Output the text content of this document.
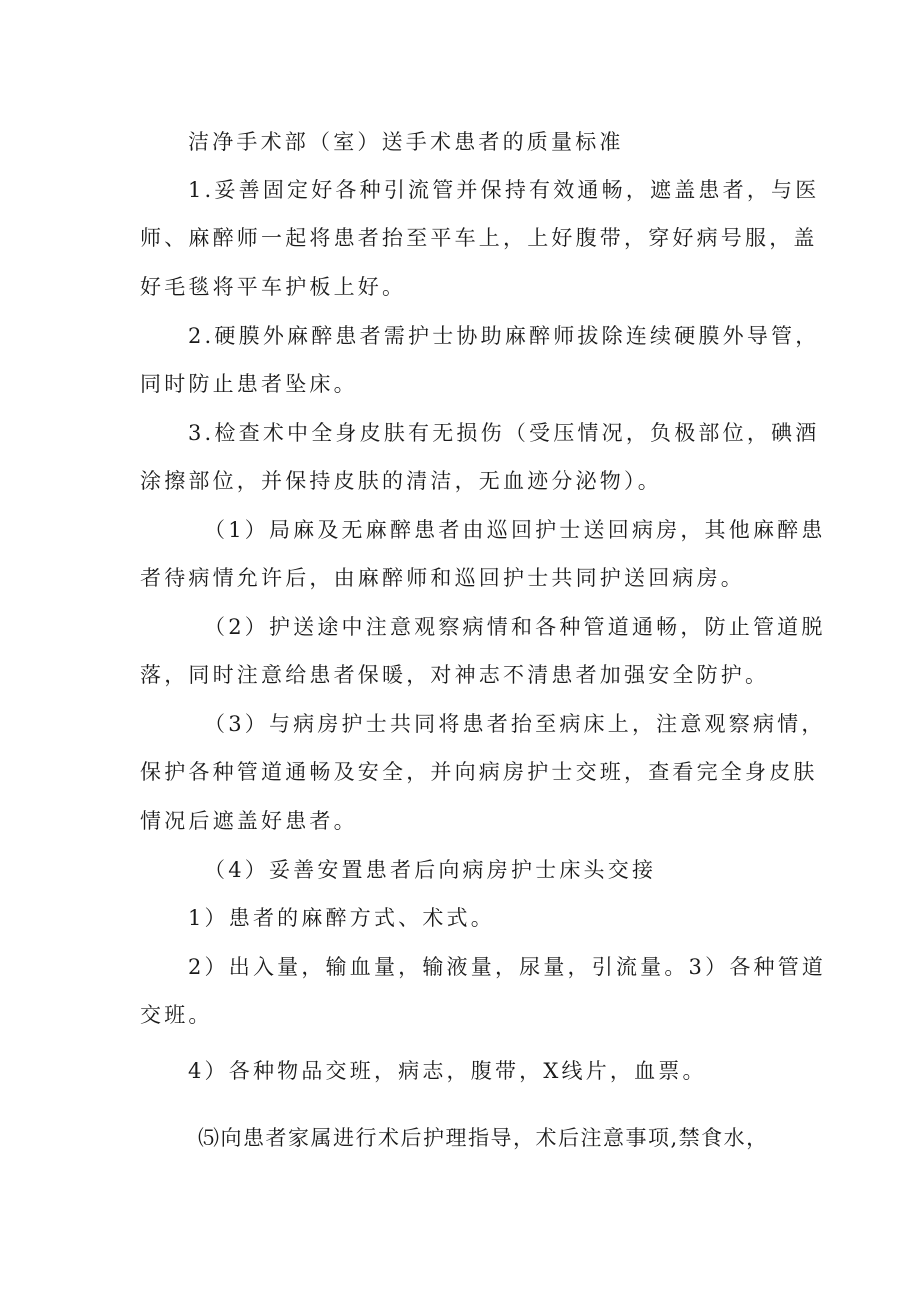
洁净手术部（室）送手术患者的质量标准
1.妥善固定好各种引流管并保持有效通畅，遮盖患者，与医
师、麻醉师一起将患者抬至平车上，上好腹带，穿好病号服，盖
好毛毯将平车护板上好。
2.硬膜外麻醉患者需护士协助麻醉师拔除连续硬膜外导管，
同时防止患者坠床。
3.检查术中全身皮肤有无损伤（受压情况，负极部位，碘酒
涂擦部位，并保持皮肤的清洁，无血迹分泌物）。
（1）局麻及无麻醉患者由巡回护士送回病房，其他麻醉患
者待病情允许后，由麻醉师和巡回护士共同护送回病房。
（2）护送途中注意观察病情和各种管道通畅，防止管道脱
落，同时注意给患者保暖，对神志不清患者加强安全防护。
（3）与病房护士共同将患者抬至病床上，注意观察病情，
保护各种管道通畅及安全，并向病房护士交班，查看完全身皮肤
情况后遮盖好患者。
（4）妥善安置患者后向病房护士床头交接
1）患者的麻醉方式、术式。
2）出入量，输血量，输液量，尿量，引流量。3）各种管道
交班。
4）各种物品交班，病志，腹带，X线片，血票。
⑸向患者家属进行术后护理指导，术后注意事项,禁食水，
